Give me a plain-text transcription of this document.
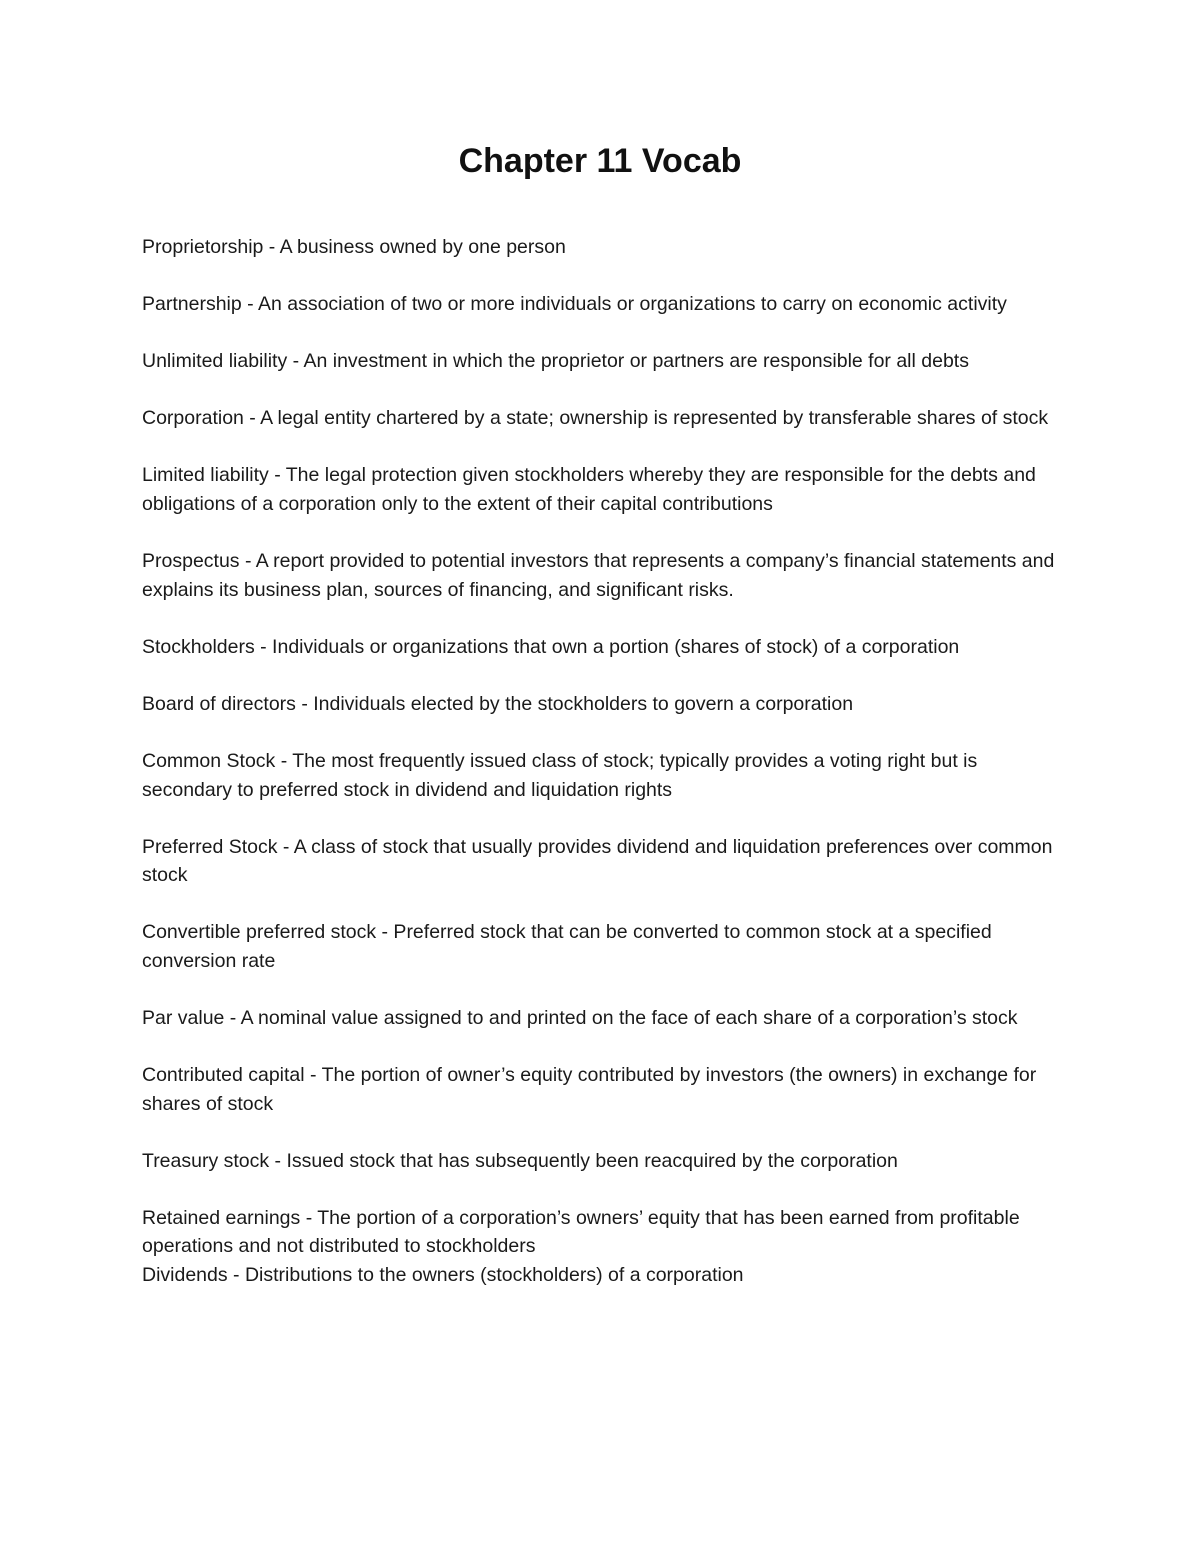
Chapter 11 Vocab

Proprietorship - A business owned by one person

Partnership - An association of two or more individuals or organizations to carry on economic activity

Unlimited liability - An investment in which the proprietor or partners are responsible for all debts

Corporation - A legal entity chartered by a state; ownership is represented by transferable shares of stock

Limited liability - The legal protection given stockholders whereby they are responsible for the debts and obligations of a corporation only to the extent of their capital contributions

Prospectus - A report provided to potential investors that represents a company’s financial statements and explains its business plan, sources of financing, and significant risks.

Stockholders - Individuals or organizations that own a portion (shares of stock) of a corporation

Board of directors - Individuals elected by the stockholders to govern a corporation

Common Stock - The most frequently issued class of stock; typically provides a voting right but is secondary to preferred stock in dividend and liquidation rights

Preferred Stock - A class of stock that usually provides dividend and liquidation preferences over common stock

Convertible preferred stock - Preferred stock that can be converted to common stock at a specified conversion rate

Par value - A nominal value assigned to and printed on the face of each share of a corporation’s stock

Contributed capital - The portion of owner’s equity contributed by investors (the owners) in exchange for shares of stock

Treasury stock - Issued stock that has subsequently been reacquired by the corporation

Retained earnings - The portion of a corporation’s owners’ equity that has been earned from profitable operations and not distributed to stockholders

Dividends - Distributions to the owners (stockholders) of a corporation
